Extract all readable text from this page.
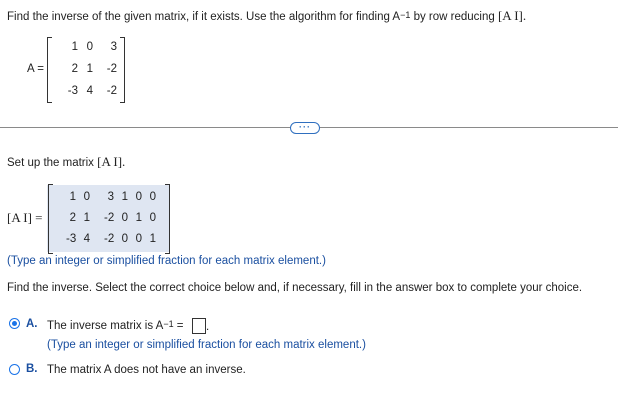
Find the inverse of the given matrix, if it exists. Use the algorithm for finding $A^{-1}$ by row reducing [A I].
A =
1 0	3
2 1	-2
-3 4	-2
···
Set up the matrix [A I].
[A I] =
1 0	3 1 0 0
2 1 -2 0 1 0
-3 4 -2 0 0 1
(Type an integer or simplified fraction for each matrix element.)
Find the inverse. Select the correct choice below and, if necessary, fill in the answer box to complete your choice.
A. The inverse matrix is $A^{-1}$ = .
(Type an integer or simplified fraction for each matrix element.)
B. The matrix A does not have an inverse.
